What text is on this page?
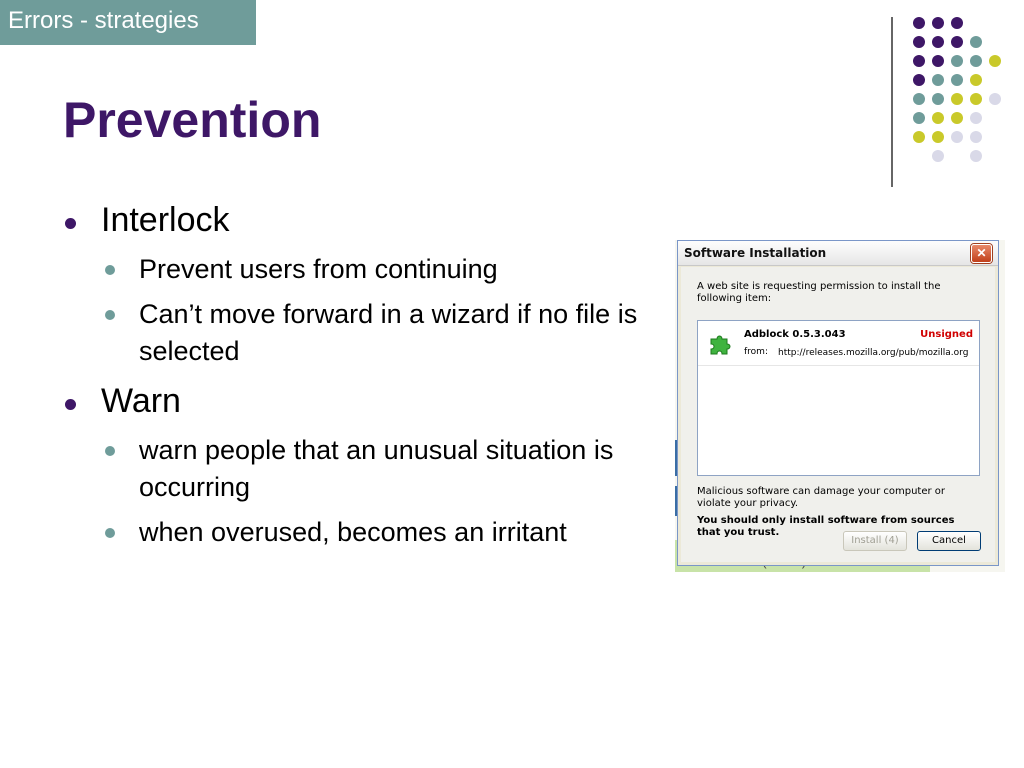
Errors - strategies
Prevention
Interlock
Prevent users from continuing
Can’t move forward in a wizard if no file is selected
Warn
warn people that an unusual situation is occurring
when overused, becomes an irritant
Software Installation	✕
A web site is requesting permission to install the following item:
Adblock 0.5.3.043	Unsigned
from: http://releases.mozilla.org/pub/mozilla.org
Malicious software can damage your computer or violate your privacy.
You should only install software from sources that you trust.
Install (4)	Cancel
